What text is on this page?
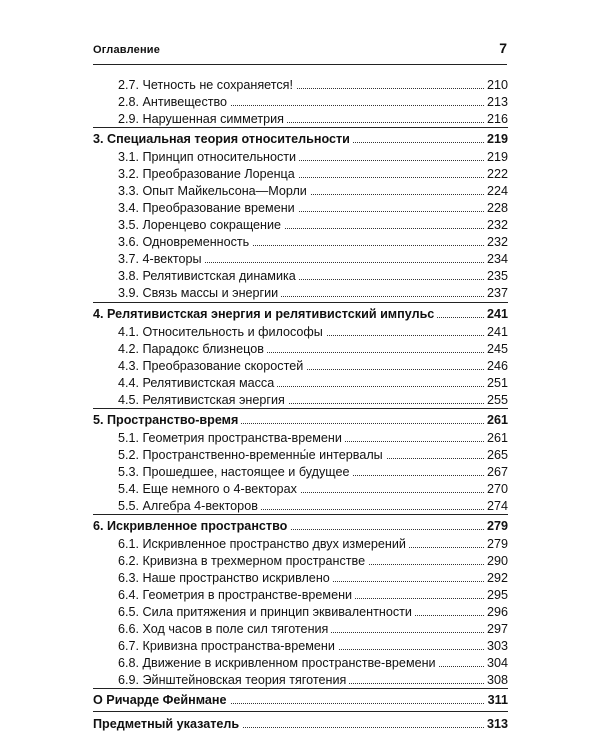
Оглавление	7
2.7. Четность не сохраняется!	210
2.8. Антивещество	213
2.9. Нарушенная симметрия	216
3. Специальная теория относительности	219
3.1. Принцип относительности	219
3.2. Преобразование Лоренца	222
3.3. Опыт Майкельсона—Морли	224
3.4. Преобразование времени	228
3.5. Лоренцево сокращение	232
3.6. Одновременность	232
3.7. 4-векторы	234
3.8. Релятивистская динамика	235
3.9. Связь массы и энергии	237
4. Релятивистская энергия и релятивистский импульс	241
4.1. Относительность и философы	241
4.2. Парадокс близнецов	245
4.3. Преобразование скоростей	246
4.4. Релятивистская масса	251
4.5. Релятивистская энергия	255
5. Пространство-время	261
5.1. Геометрия пространства-времени	261
5.2. Пространственно-временны́е интервалы	265
5.3. Прошедшее, настоящее и будущее	267
5.4. Еще немного о 4-векторах	270
5.5. Алгебра 4-векторов	274
6. Искривленное пространство	279
6.1. Искривленное пространство двух измерений	279
6.2. Кривизна в трехмерном пространстве	290
6.3. Наше пространство искривлено	292
6.4. Геометрия в пространстве-времени	295
6.5. Сила притяжения и принцип эквивалентности	296
6.6. Ход часов в поле сил тяготения	297
6.7. Кривизна пространства-времени	303
6.8. Движение в искривленном пространстве-времени	304
6.9. Эйнштейновская теория тяготения	308
О Ричарде Фейнмане	311
Предметный указатель	313
